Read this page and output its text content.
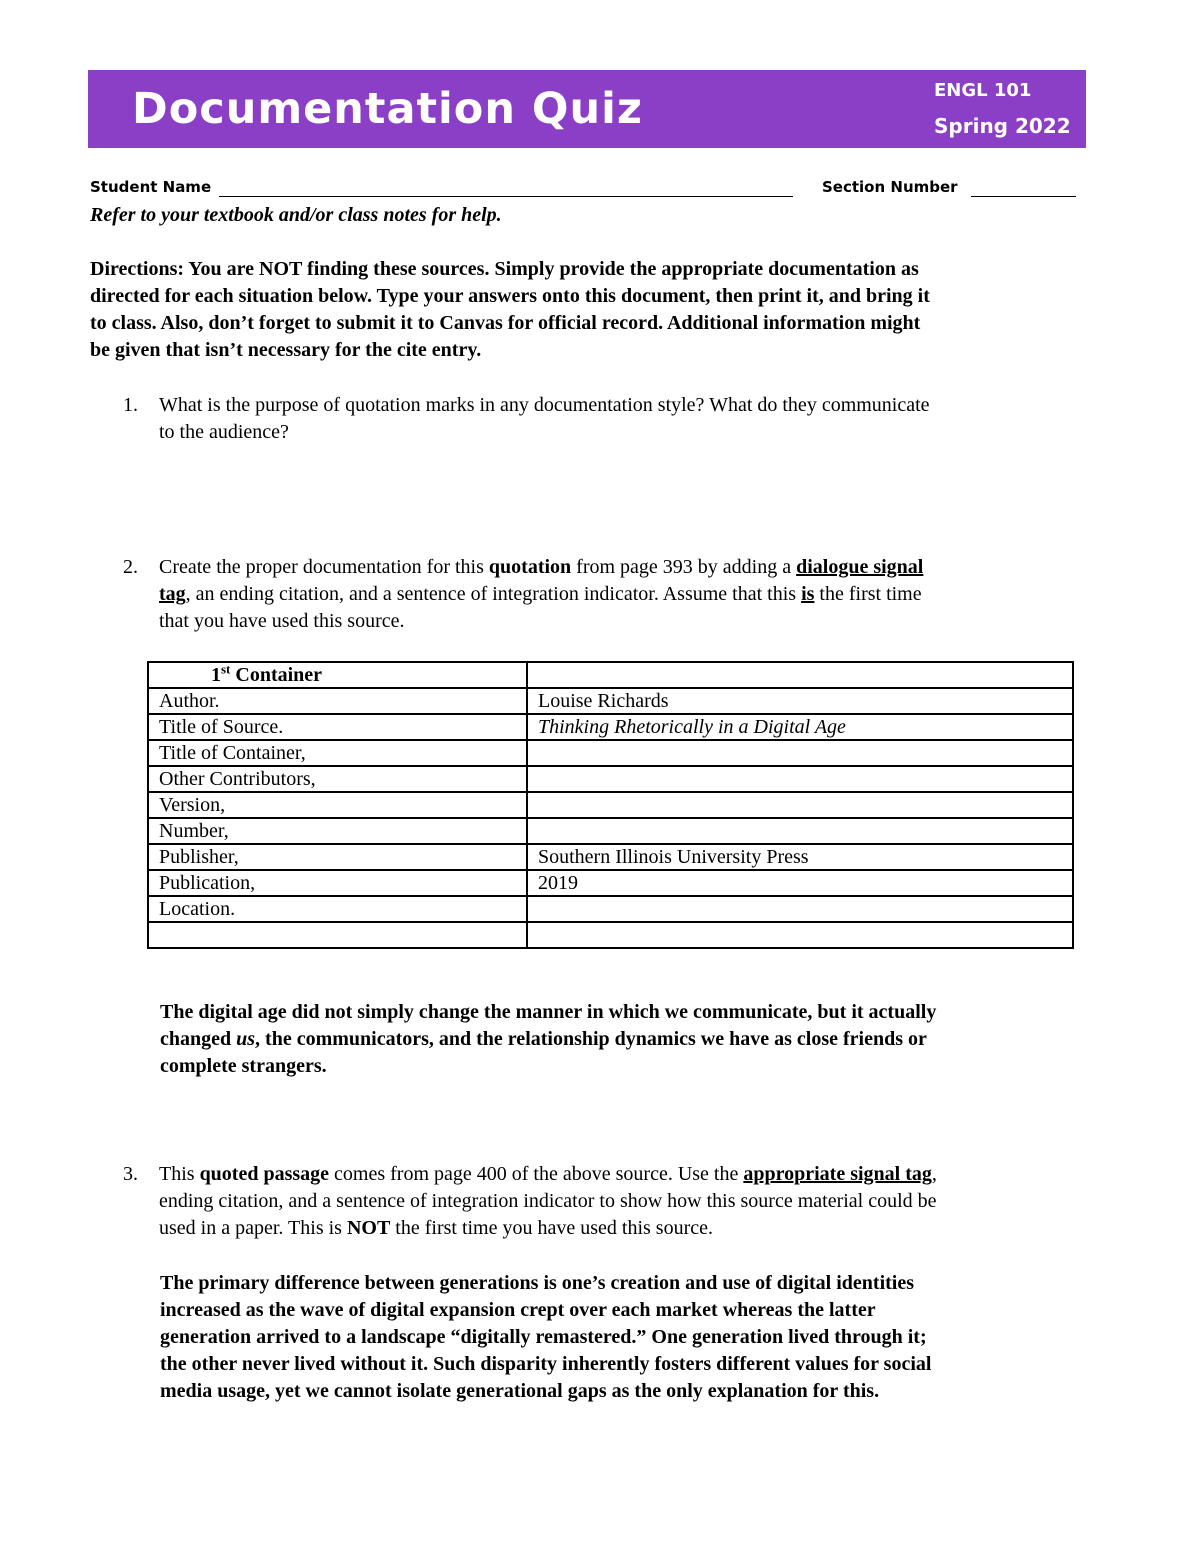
Documentation Quiz	ENGL 101
Spring 2022
Student Name	Section Number
Refer to your textbook and/or class notes for help.
Directions: You are NOT finding these sources. Simply provide the appropriate documentation as
directed for each situation below. Type your answers onto this document, then print it, and bring it
to class. Also, don’t forget to submit it to Canvas for official record. Additional information might
be given that isn’t necessary for the cite entry.
1. What is the purpose of quotation marks in any documentation style? What do they communicate
to the audience?
2. Create the proper documentation for this quotation from page 393 by adding a dialogue signal
tag, an ending citation, and a sentence of integration indicator. Assume that this is the first time
that you have used this source.
1st Container	
Author.	Louise Richards
Title of Source.	Thinking Rhetorically in a Digital Age
Title of Container,	
Other Contributors,	
Version,	
Number,	
Publisher,	Southern Illinois University Press
Publication,	2019
Location.	

The digital age did not simply change the manner in which we communicate, but it actually
changed us, the communicators, and the relationship dynamics we have as close friends or
complete strangers.
3. This quoted passage comes from page 400 of the above source. Use the appropriate signal tag,
ending citation, and a sentence of integration indicator to show how this source material could be
used in a paper. This is NOT the first time you have used this source.
The primary difference between generations is one’s creation and use of digital identities
increased as the wave of digital expansion crept over each market whereas the latter
generation arrived to a landscape “digitally remastered.” One generation lived through it;
the other never lived without it. Such disparity inherently fosters different values for social
media usage, yet we cannot isolate generational gaps as the only explanation for this.
